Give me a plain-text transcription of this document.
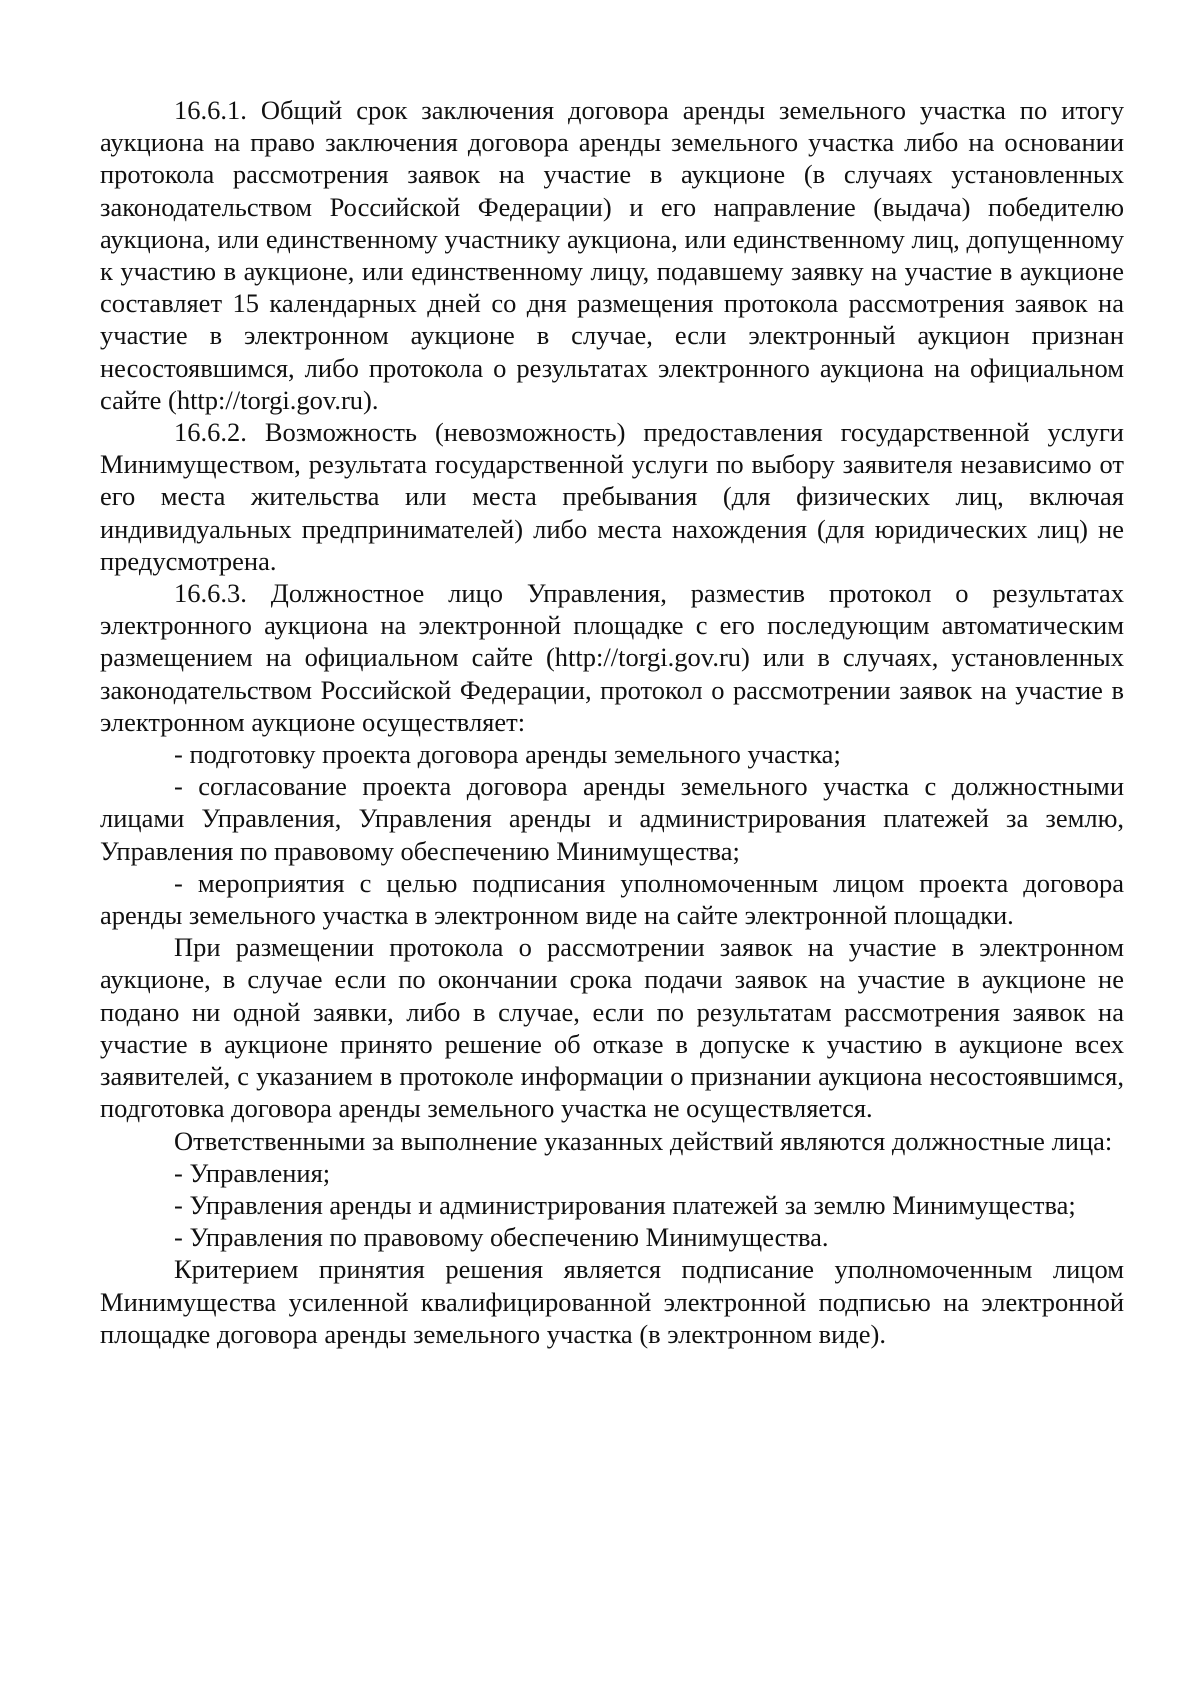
16.6.1. Общий срок заключения договора аренды земельного участка по итогу аукциона на право заключения договора аренды земельного участка либо на основании протокола рассмотрения заявок на участие в аукционе (в случаях установленных законодательством Российской Федерации) и его направление (выдача) победителю аукциона, или единственному участнику аукциона, или единственному лиц, допущенному к участию в аукционе, или единственному лицу, подавшему заявку на участие в аукционе составляет 15 календарных дней со дня размещения протокола рассмотрения заявок на участие в электронном аукционе в случае, если электронный аукцион признан несостоявшимся, либо протокола о результатах электронного аукциона на официальном сайте (http://torgi.gov.ru).

16.6.2. Возможность (невозможность) предоставления государственной услуги Минимуществом, результата государственной услуги по выбору заявителя независимо от его места жительства или места пребывания (для физических лиц, включая индивидуальных предпринимателей) либо места нахождения (для юридических лиц) не предусмотрена.

16.6.3. Должностное лицо Управления, разместив протокол о результатах электронного аукциона на электронной площадке с его последующим автоматическим размещением на официальном сайте (http://torgi.gov.ru) или в случаях, установленных законодательством Российской Федерации, протокол о рассмотрении заявок на участие в электронном аукционе осуществляет:

- подготовку проекта договора аренды земельного участка;

- согласование проекта договора аренды земельного участка с должностными лицами Управления, Управления аренды и администрирования платежей за землю, Управления по правовому обеспечению Минимущества;

- мероприятия с целью подписания уполномоченным лицом проекта договора аренды земельного участка в электронном виде на сайте электронной площадки.

При размещении протокола о рассмотрении заявок на участие в электронном аукционе, в случае если по окончании срока подачи заявок на участие в аукционе не подано ни одной заявки, либо в случае, если по результатам рассмотрения заявок на участие в аукционе принято решение об отказе в допуске к участию в аукционе всех заявителей, с указанием в протоколе информации о признании аукциона несостоявшимся, подготовка договора аренды земельного участка не осуществляется.

Ответственными за выполнение указанных действий являются должностные лица:

- Управления;

- Управления аренды и администрирования платежей за землю Минимущества;

- Управления по правовому обеспечению Минимущества.

Критерием принятия решения является подписание уполномоченным лицом Минимущества усиленной квалифицированной электронной подписью на электронной площадке договора аренды земельного участка (в электронном виде).
